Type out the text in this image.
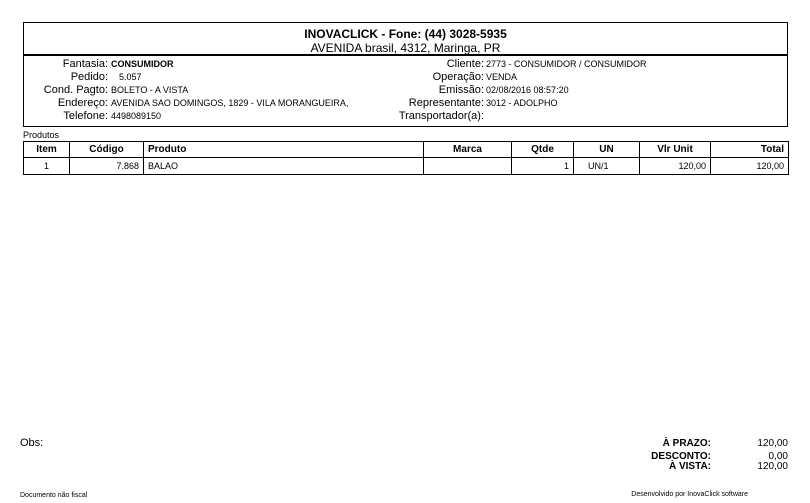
INOVACLICK - Fone: (44) 3028-5935
AVENIDA brasil, 4312, Maringa, PR
Fantasia: CONSUMIDOR
Pedido: 5.057
Cond. Pagto: BOLETO - A VISTA
Endereço: AVENIDA SAO DOMINGOS, 1829 - VILA MORANGUEIRA,
Telefone: 4498089150
Cliente: 2773 - CONSUMIDOR / CONSUMIDOR
Operação: VENDA
Emissão: 02/08/2016 08:57:20
Representante: 3012 - ADOLPHO
Transportador(a):
Produtos
Item	Código	Produto	Marca	Qtde	UN	Vlr Unit	Total
1	7.868	BALAO		1	UN/1	120,00	120,00
Obs:	À PRAZO:	120,00
DESCONTO:	0,00
À VISTA:	120,00
Documento não fiscal	Desenvolvido por InovaClick software
